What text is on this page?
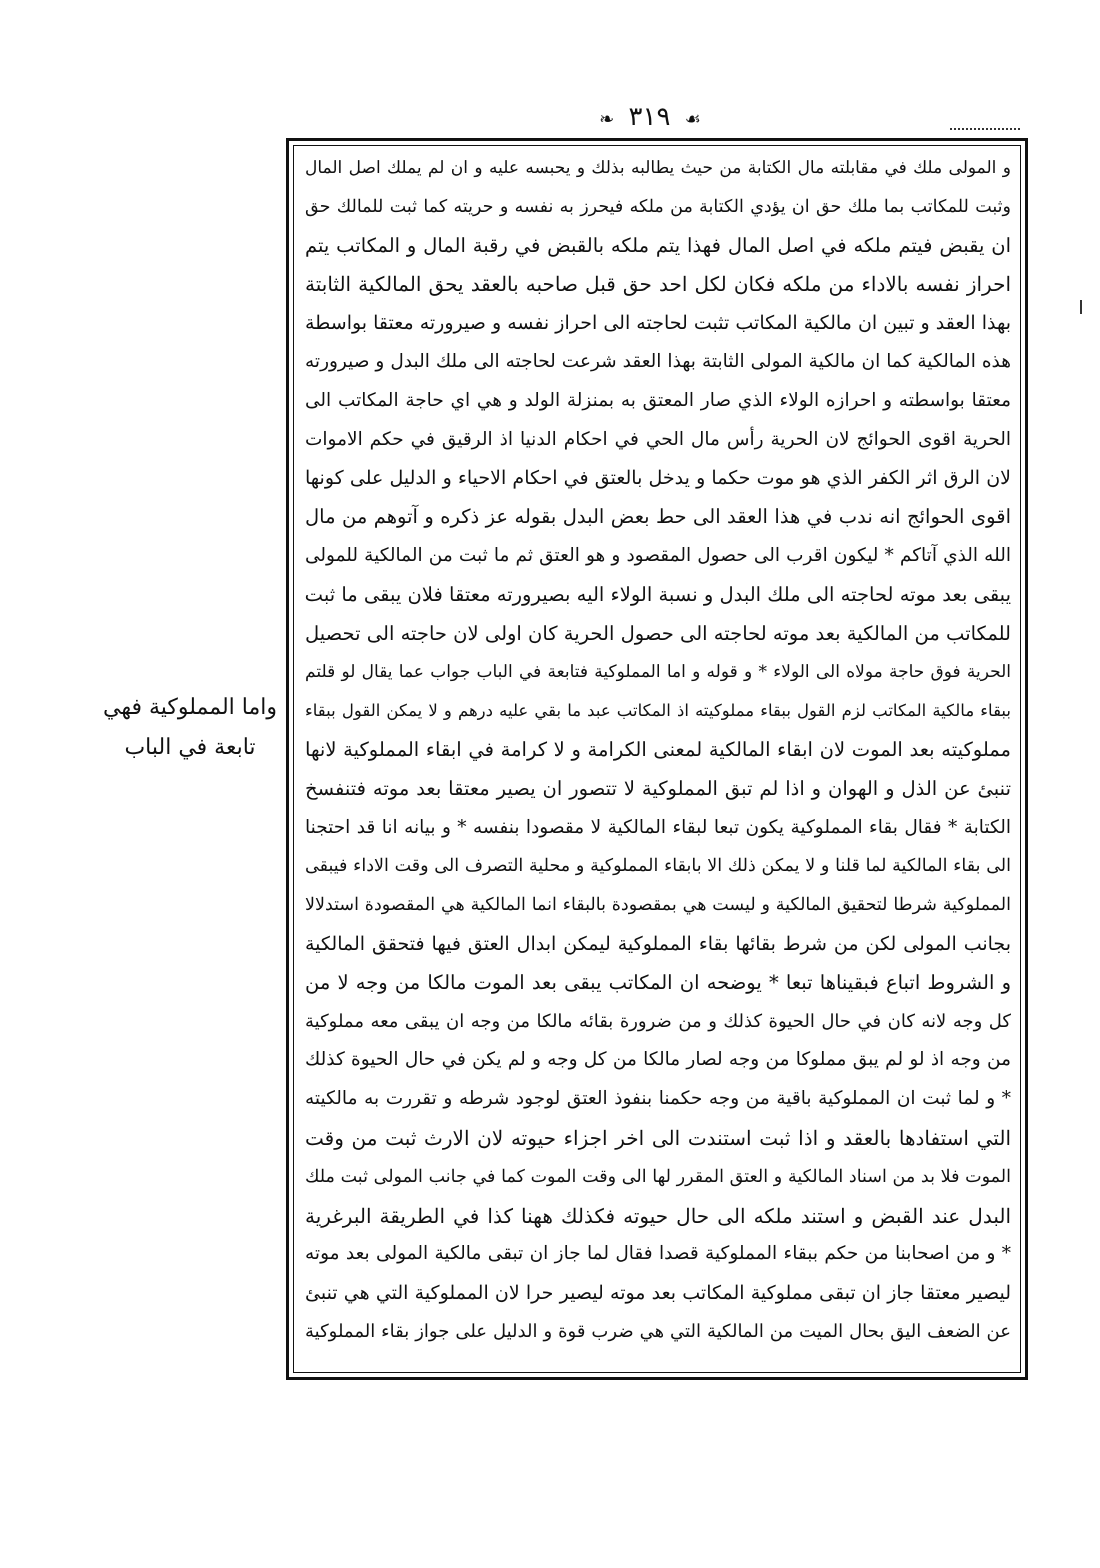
☙ ٣١٩ ❧
و المولى ملك في مقابلته مال الكتابة من حيث يطالبه بذلك و يحبسه عليه و ان لم يملك اصل المال
وثبت للمكاتب بما ملك حق ان يؤدي الكتابة من ملكه فيحرز به نفسه و حريته كما ثبت للمالك حق
ان يقبض فيتم ملكه في اصل المال فهذا يتم ملكه بالقبض في رقبة المال و المكاتب يتم
احراز نفسه بالاداء من ملكه فكان لكل احد حق قبل صاحبه بالعقد يحق المالكية الثابتة
بهذا العقد و تبين ان مالكية المكاتب تثبت لحاجته الى احراز نفسه و صيرورته معتقا بواسطة
هذه المالكية كما ان مالكية المولى الثابتة بهذا العقد شرعت لحاجته الى ملك البدل و صيرورته
معتقا بواسطته و احرازه الولاء الذي صار المعتق به بمنزلة الولد و هي اي حاجة المكاتب الى
الحرية اقوى الحوائج لان الحرية رأس مال الحي في احكام الدنيا اذ الرقيق في حكم الاموات
لان الرق اثر الكفر الذي هو موت حكما و يدخل بالعتق في احكام الاحياء و الدليل على كونها
اقوى الحوائج انه ندب في هذا العقد الى حط بعض البدل بقوله عز ذكره و آتوهم من مال
الله الذي آتاكم * ليكون اقرب الى حصول المقصود و هو العتق ثم ما ثبت من المالكية للمولى
يبقى بعد موته لحاجته الى ملك البدل و نسبة الولاء اليه بصيرورته معتقا فلان يبقى ما ثبت
للمكاتب من المالكية بعد موته لحاجته الى حصول الحرية كان اولى لان حاجته الى تحصيل
الحرية فوق حاجة مولاه الى الولاء * و قوله و اما المملوكية فتابعة في الباب جواب عما يقال لو قلتم
ببقاء مالكية المكاتب لزم القول ببقاء مملوكيته اذ المكاتب عبد ما بقي عليه درهم و لا يمكن القول ببقاء
مملوكيته بعد الموت لان ابقاء المالكية لمعنى الكرامة و لا كرامة في ابقاء المملوكية لانها
تنبئ عن الذل و الهوان و اذا لم تبق المملوكية لا تتصور ان يصير معتقا بعد موته فتنفسخ
الكتابة * فقال بقاء المملوكية يكون تبعا لبقاء المالكية لا مقصودا بنفسه * و بيانه انا قد احتجنا
الى بقاء المالكية لما قلنا و لا يمكن ذلك الا بابقاء المملوكية و محلية التصرف الى وقت الاداء فيبقى
المملوكية شرطا لتحقيق المالكية و ليست هي بمقصودة بالبقاء انما المالكية هي المقصودة استدلالا
بجانب المولى لكن من شرط بقائها بقاء المملوكية ليمكن ابدال العتق فيها فتحقق المالكية
و الشروط اتباع فبقيناها تبعا * يوضحه ان المكاتب يبقى بعد الموت مالكا من وجه لا من
كل وجه لانه كان في حال الحيوة كذلك و من ضرورة بقائه مالكا من وجه ان يبقى معه مملوكية
من وجه اذ لو لم يبق مملوكا من وجه لصار مالكا من كل وجه و لم يكن في حال الحيوة كذلك
* و لما ثبت ان المملوكية باقية من وجه حكمنا بنفوذ العتق لوجود شرطه و تقررت به مالكيته
التي استفادها بالعقد و اذا ثبت استندت الى اخر اجزاء حيوته لان الارث ثبت من وقت
الموت فلا بد من اسناد المالكية و العتق المقرر لها الى وقت الموت كما في جانب المولى ثبت ملك
البدل عند القبض و استند ملكه الى حال حيوته فكذلك ههنا كذا في الطريقة البرغرية
* و من اصحابنا من حكم ببقاء المملوكية قصدا فقال لما جاز ان تبقى مالكية المولى بعد موته
ليصير معتقا جاز ان تبقى مملوكية المكاتب بعد موته ليصير حرا لان المملوكية التي هي تنبئ
عن الضعف اليق بحال الميت من المالكية التي هي ضرب قوة و الدليل على جواز بقاء المملوكية
واما المملوكية فهي
تابعة في الباب
